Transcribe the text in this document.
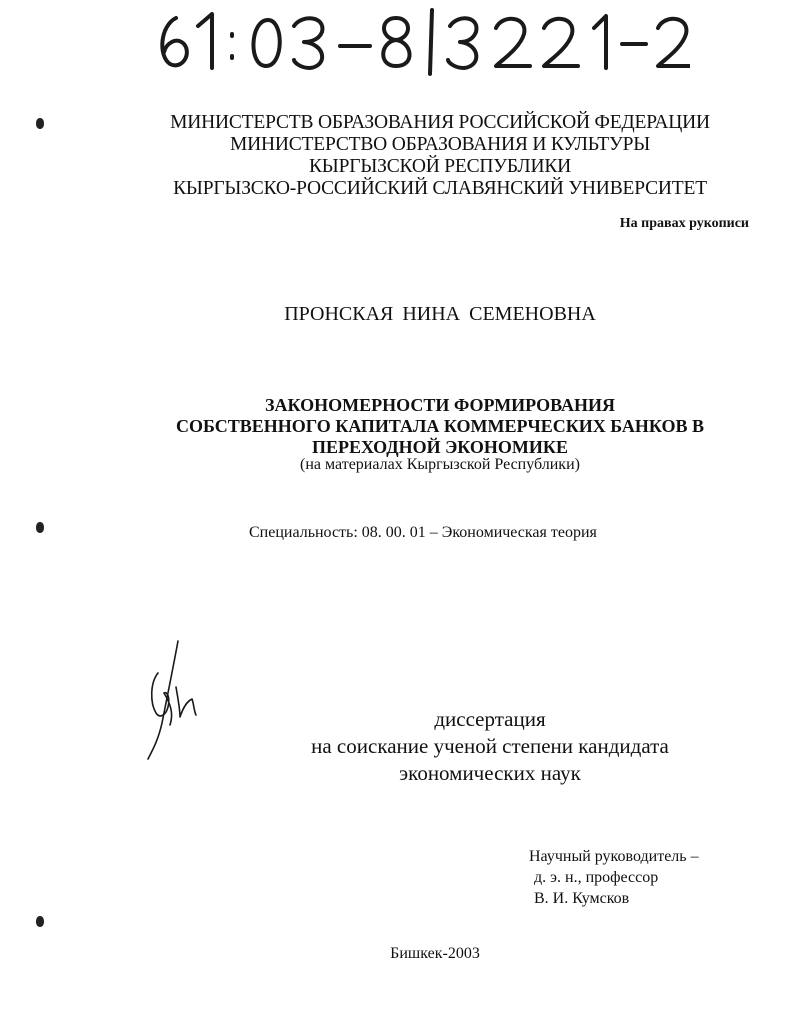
МИНИСТЕРСТВ ОБРАЗОВАНИЯ РОССИЙСКОЙ ФЕДЕРАЦИИ
МИНИСТЕРСТВО ОБРАЗОВАНИЯ И КУЛЬТУРЫ
КЫРГЫЗСКОЙ РЕСПУБЛИКИ
КЫРГЫЗСКО-РОССИЙСКИЙ СЛАВЯНСКИЙ УНИВЕРСИТЕТ
На правах рукописи
ПРОНСКАЯ НИНА СЕМЕНОВНА
ЗАКОНОМЕРНОСТИ ФОРМИРОВАНИЯ
СОБСТВЕННОГО КАПИТАЛА КОММЕРЧЕСКИХ БАНКОВ В
ПЕРЕХОДНОЙ ЭКОНОМИКЕ
(на материалах Кыргызской Республики)
Специальность: 08. 00. 01 – Экономическая теория
диссертация
на соискание ученой степени кандидата
экономических наук
Научный руководитель –
д. э. н., профессор
В. И. Кумсков
Бишкек-2003
